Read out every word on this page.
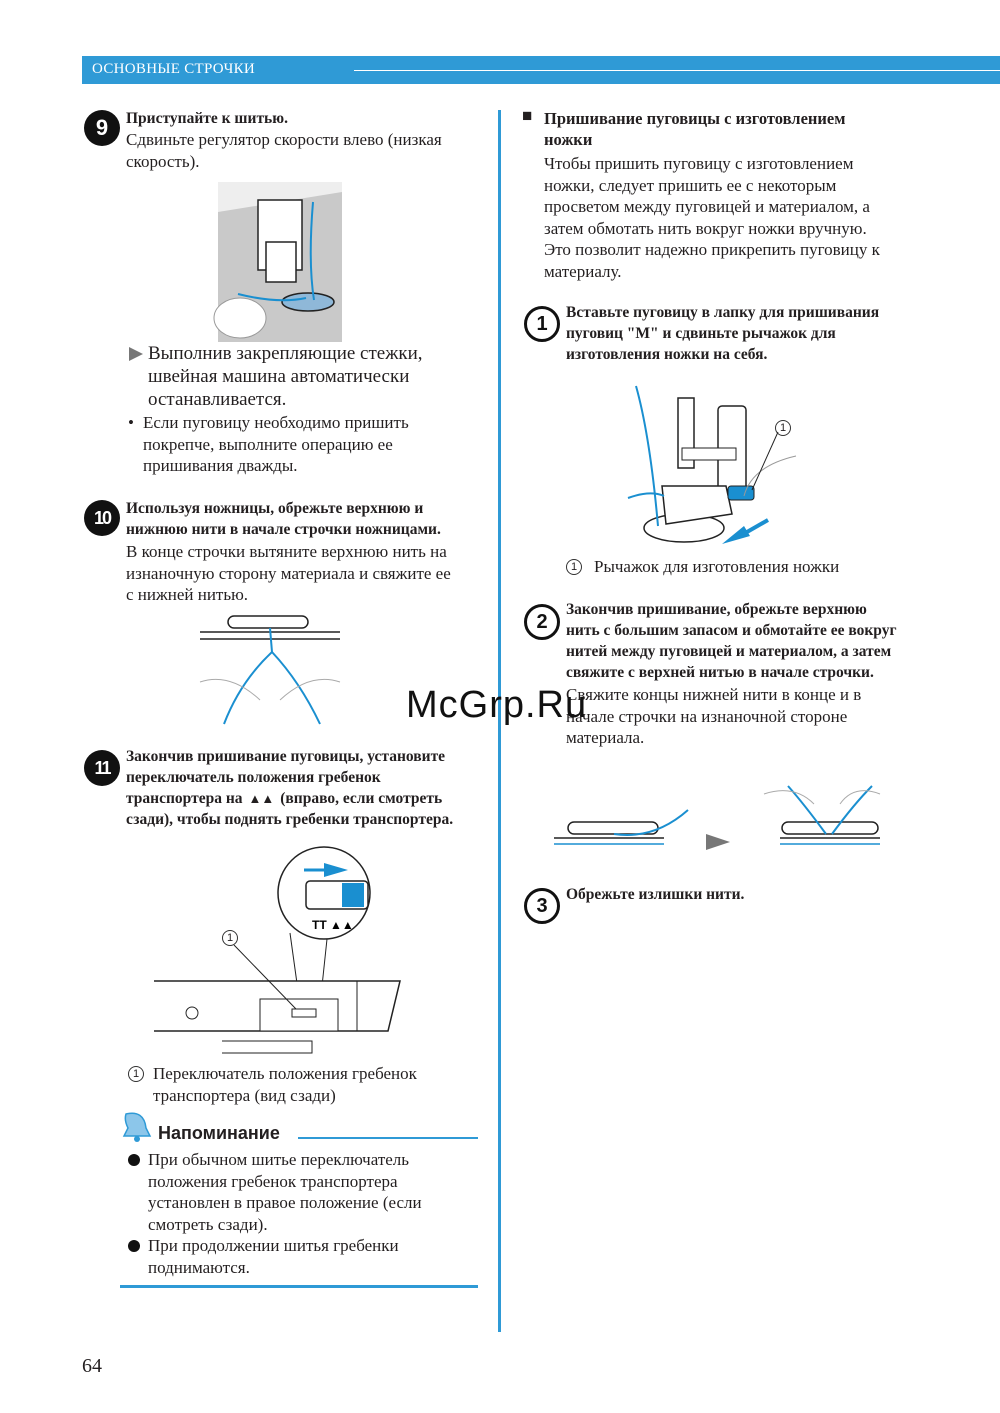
ОСНОВНЫЕ СТРОЧКИ
9	Приступайте к шитью.
Сдвиньте регулятор скорости влево (низкая
скорость).
Выполнив закрепляющие стежки,
швейная машина автоматически
останавливается.
• Если пуговицу необходимо пришить
покрепче, выполните операцию ее
пришивания дважды.
10	Используя ножницы, обрежьте верхнюю и
нижнюю нити в начале строчки ножницами.
В конце строчки вытяните верхнюю нить на
изнаночную сторону материала и свяжите ее
с нижней нитью.
11
Закончив пришивание пуговицы, установите
переключатель положения гребенок
транспортера на ▲▲ (вправо, если смотреть
сзади), чтобы поднять гребенки транспортера.
TT ▲▲
1
1 Переключатель положения гребенок
транспортера (вид сзади)
Напоминание
При обычном шитье переключатель
положения гребенок транспортера
установлен в правое положение (если
смотреть сзади).
При продолжении шитья гребенки
поднимаются.
■ Пришивание пуговицы с изготовлением
ножки
Чтобы пришить пуговицу с изготовлением
ножки, следует пришить ее с некоторым
просветом между пуговицей и материалом, а
затем обмотать нить вокруг ножки вручную.
Это позволит надежно прикрепить пуговицу к
материалу.
1
Вставьте пуговицу в лапку для пришивания
пуговиц "M" и сдвиньте рычажок для
изготовления ножки на себя.
1
1 Рычажок для изготовления ножки
2
Закончив пришивание, обрежьте верхнюю
нить с большим запасом и обмотайте ее вокруг
нитей между пуговицей и материалом, а затем
свяжите с верхней нитью в начале строчки.
Свяжите концы нижней нити в конце и в
начале строчки на изнаночной стороне
материала.
3
Обрежьте излишки нити.
McGrp.Ru
64
